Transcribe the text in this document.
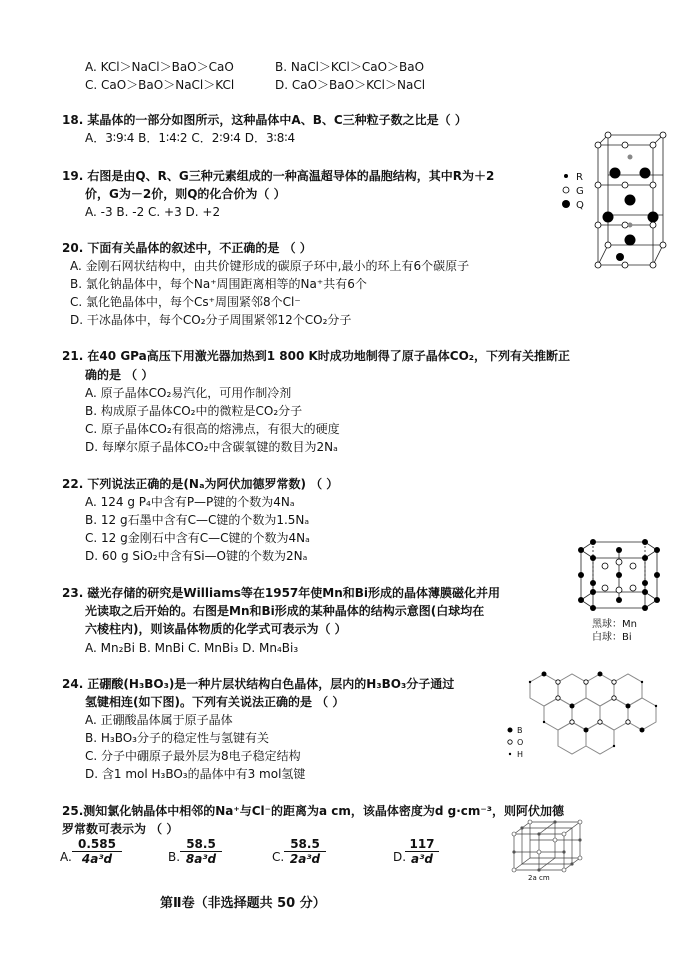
A. KCl＞NaCl＞BaO＞CaO	B. NaCl＞KCl＞CaO＞BaO
C. CaO＞BaO＞NaCl＞KCl	D. CaO＞BaO＞KCl＞NaCl
18. 某晶体的一部分如图所示，这种晶体中A、B、C三种粒子数之比是（ ）
A．3∶9∶4 B．1∶4∶2 C．2∶9∶4 D．3∶8∶4
19. 右图是由Q、R、G三种元素组成的一种高温超导体的晶胞结构，其中R为＋2
价，G为－2价，则Q的化合价为（ ）
A. -3 B. -2 C. +3 D. +2
R
G
Q
20. 下面有关晶体的叙述中，不正确的是 （ ）
A. 金刚石网状结构中，由共价键形成的碳原子环中,最小的环上有6个碳原子
B. 氯化钠晶体中，每个Na⁺周围距离相等的Na⁺共有6个
C. 氯化铯晶体中，每个Cs⁺周围紧邻8个Cl⁻
D. 干冰晶体中，每个CO₂分子周围紧邻12个CO₂分子
21. 在40 GPa高压下用激光器加热到1 800 K时成功地制得了原子晶体CO₂，下列有关推断正
确的是 （ ）
A. 原子晶体CO₂易汽化，可用作制冷剂
B. 构成原子晶体CO₂中的微粒是CO₂分子
C. 原子晶体CO₂有很高的熔沸点，有很大的硬度
D. 每摩尔原子晶体CO₂中含碳氧键的数目为2Nₐ
22. 下列说法正确的是(Nₐ为阿伏加德罗常数) （ ）
A. 124 g P₄中含有P—P键的个数为4Nₐ
B. 12 g石墨中含有C—C键的个数为1.5Nₐ
C. 12 g金刚石中含有C—C键的个数为4Nₐ
D. 60 g SiO₂中含有Si—O键的个数为2Nₐ
黑球：Mn
白球：Bi
23. 磁光存储的研究是Williams等在1957年使Mn和Bi形成的晶体薄膜磁化并用
光读取之后开始的。右图是Mn和Bi形成的某种晶体的结构示意图(白球均在
六棱柱内)，则该晶体物质的化学式可表示为（ ）
A. Mn₂Bi B. MnBi C. MnBi₃ D. Mn₄Bi₃
B
O
H
24. 正硼酸(H₃BO₃)是一种片层状结构白色晶体，层内的H₃BO₃分子通过
氢键相连(如下图)。下列有关说法正确的是 （ ）
A. 正硼酸晶体属于原子晶体
B. H₃BO₃分子的稳定性与氢键有关
C. 分子中硼原子最外层为8电子稳定结构
D. 含1 mol H₃BO₃的晶体中有3 mol氢键
25.测知氯化钠晶体中相邻的Na⁺与Cl⁻的距离为a cm，该晶体密度为d g·cm⁻³，则阿伏加德
罗常数可表示为 （ ）
A. $\frac{0.585}{\text{4a³d}}$	B. $\frac{58.5}{\text{8a³d}}$	C. $\frac{58.5}{\text{2a³d}}$	D.
$\frac{117}{\text{a³d}}$
2a cm
第Ⅱ卷（非选择题共 50 分）
